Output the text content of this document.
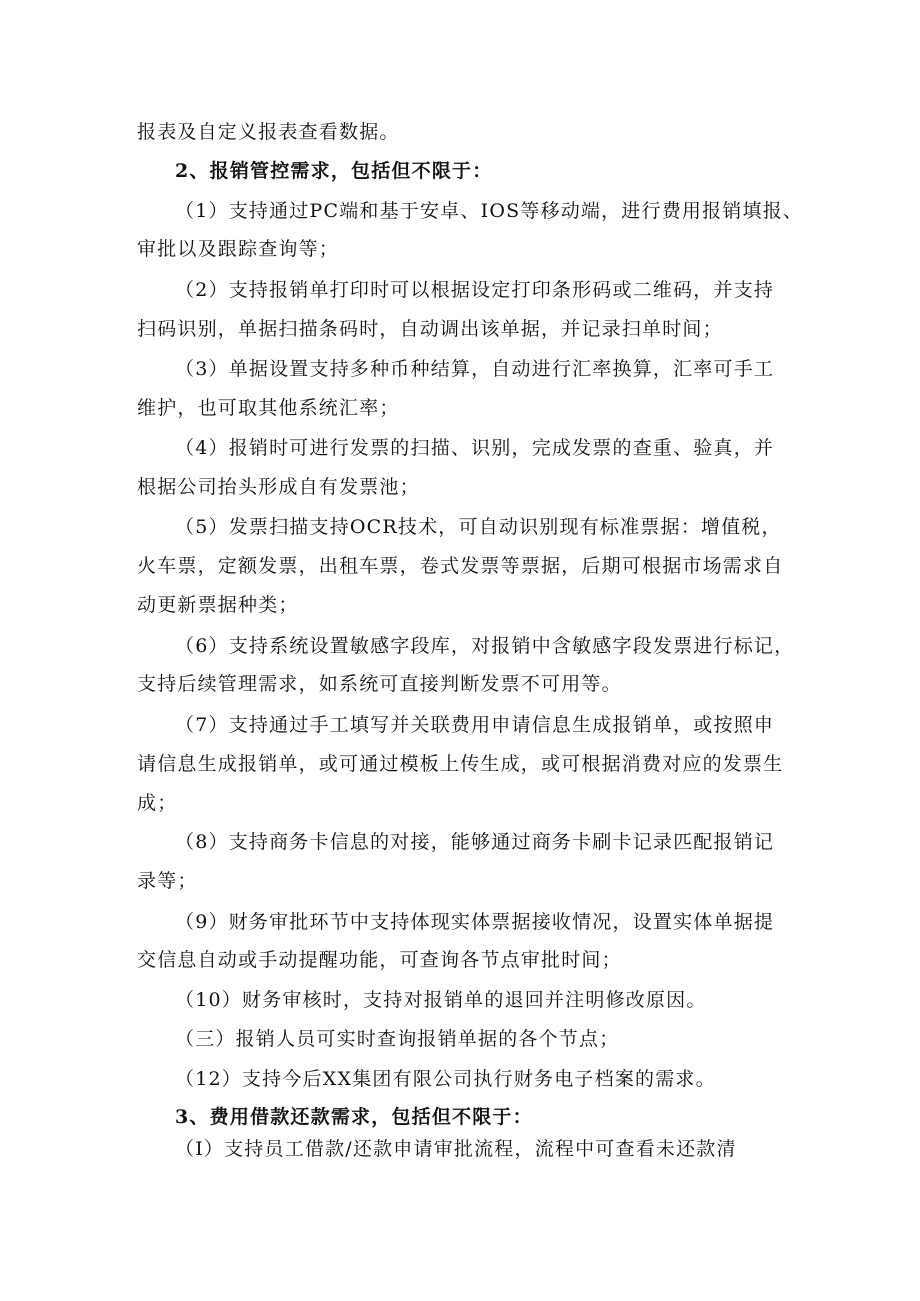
报表及自定义报表查看数据。
2、报销管控需求，包括但不限于：
（1）支持通过PC端和基于安卓、IOS等移动端，进行费用报销填报、
审批以及跟踪查询等；
（2）支持报销单打印时可以根据设定打印条形码或二维码，并支持
扫码识别，单据扫描条码时，自动调出该单据，并记录扫单时间；
（3）单据设置支持多种币种结算，自动进行汇率换算，汇率可手工
维护，也可取其他系统汇率；
（4）报销时可进行发票的扫描、识别，完成发票的查重、验真，并
根据公司抬头形成自有发票池；
（5）发票扫描支持OCR技术，可自动识别现有标准票据：增值税，
火车票，定额发票，出租车票，卷式发票等票据，后期可根据市场需求自
动更新票据种类；
（6）支持系统设置敏感字段库，对报销中含敏感字段发票进行标记，
支持后续管理需求，如系统可直接判断发票不可用等。
（7）支持通过手工填写并关联费用申请信息生成报销单，或按照申
请信息生成报销单，或可通过模板上传生成，或可根据消费对应的发票生
成；
（8）支持商务卡信息的对接，能够通过商务卡刷卡记录匹配报销记
录等；
（9）财务审批环节中支持体现实体票据接收情况，设置实体单据提
交信息自动或手动提醒功能，可查询各节点审批时间；
（10）财务审核时，支持对报销单的退回并注明修改原因。
（三）报销人员可实时查询报销单据的各个节点；
（12）支持今后XX集团有限公司执行财务电子档案的需求。
3、费用借款还款需求，包括但不限于：
（I）支持员工借款/还款申请审批流程，流程中可查看未还款清
